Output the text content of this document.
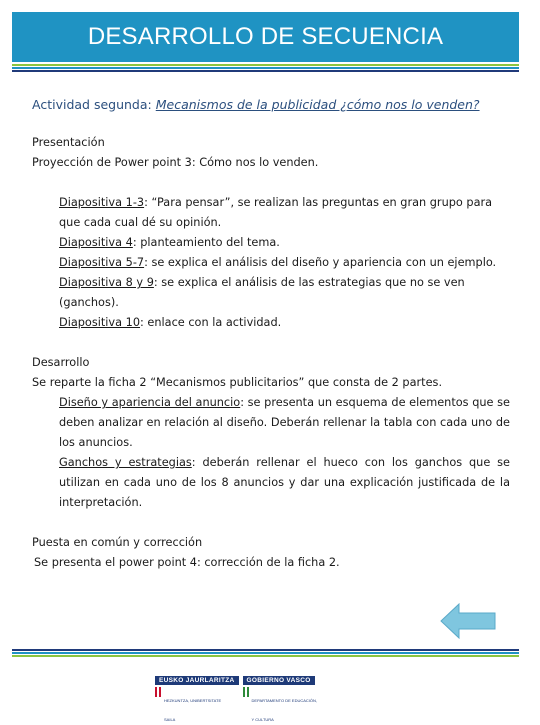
DESARROLLO DE SECUENCIA

Actividad segunda: Mecanismos de la publicidad ¿cómo nos lo venden?

Presentación

Proyección de Power point 3: Cómo nos lo venden.

Diapositiva 1-3: “Para pensar”, se realizan las preguntas en gran grupo para que cada cual dé su opinión.

Diapositiva 4: planteamiento del tema.

Diapositiva 5-7: se explica el análisis del diseño y apariencia con un ejemplo.

Diapositiva 8 y 9: se explica el análisis de las estrategias que no se ven (ganchos).

Diapositiva 10: enlace con la actividad.

Desarrollo

Se reparte la ficha 2 “Mecanismos publicitarios” que consta de 2 partes.

Diseño y apariencia del anuncio: se presenta un esquema de elementos que se deben analizar en relación al diseño. Deberán rellenar la tabla con cada uno de los anuncios.

Ganchos y estrategias: deberán rellenar el hueco con los ganchos que se utilizan en cada uno de los 8 anuncios y dar una explicación justificada de la interpretación.

Puesta en común y corrección

Se presenta el power point 4: corrección de la ficha 2.

EUSKO JAURLARITZA
HEZKUNTZA, UNIBERTSITATE
SAILA
GOBIERNO VASCO
DEPARTAMENTO DE EDUCACIÓN,
Y CULTURA
